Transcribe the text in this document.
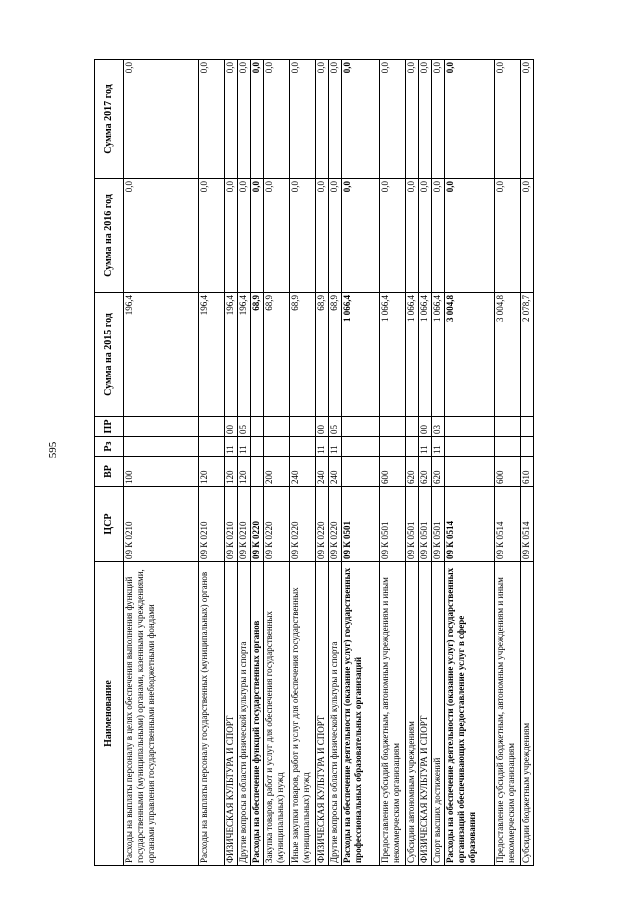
595
Наименование	ЦСР	ВР	Рз	ПР	Сумма на 2015 год	Сумма на 2016 год	Сумма 2017 год
Расходы на выплаты персоналу в целях обеспечения выполнения функций государственными (муниципальными) органами, казенными учреждениями, органами управления государственными внебюджетными фондами	09 К 0210	100			196,4	0,0	0,0
Расходы на выплаты персоналу государственных (муниципальных) органов	09 К 0210	120			196,4	0,0	0,0
ФИЗИЧЕСКАЯ КУЛЬТУРА И СПОРТ	09 К 0210	120	11	00	196,4	0,0	0,0
Другие вопросы в области физической культуры и спорта	09 К 0210	120	11	05	196,4	0,0	0,0
Расходы на обеспечение функций государственных органов	09 К 0220				68,9	0,0	0,0
Закупка товаров, работ и услуг для обеспечения государственных (муниципальных) нужд	09 К 0220	200			68,9	0,0	0,0
Иные закупки товаров, работ и услуг для обеспечения государственных (муниципальных) нужд	09 К 0220	240			68,9	0,0	0,0
ФИЗИЧЕСКАЯ КУЛЬТУРА И СПОРТ	09 К 0220	240	11	00	68,9	0,0	0,0
Другие вопросы в области физической культуры и спорта	09 К 0220	240	11	05	68,9	0,0	0,0
Расходы на обеспечение деятельности (оказание услуг) государственных профессиональных образовательных организаций	09 К 0501				1 066,4	0,0	0,0
Предоставление субсидий бюджетным, автономным учреждениям и иным некоммерческим организациям	09 К 0501	600			1 066,4	0,0	0,0
Субсидии автономным учреждениям	09 К 0501	620			1 066,4	0,0	0,0
ФИЗИЧЕСКАЯ КУЛЬТУРА И СПОРТ	09 К 0501	620	11	00	1 066,4	0,0	0,0
Спорт высших достижений	09 К 0501	620	11	03	1 066,4	0,0	0,0
Расходы на обеспечение деятельности (оказание услуг) государственных организаций обеспечивающих предоставление услуг в сфере образования	09 К 0514				3 004,8	0,0	0,0
Предоставление субсидий бюджетным, автономным учреждениям и иным некоммерческим организациям	09 К 0514	600			3 004,8	0,0	0,0
Субсидии бюджетным учреждениям	09 К 0514	610			2 078,7	0,0	0,0
